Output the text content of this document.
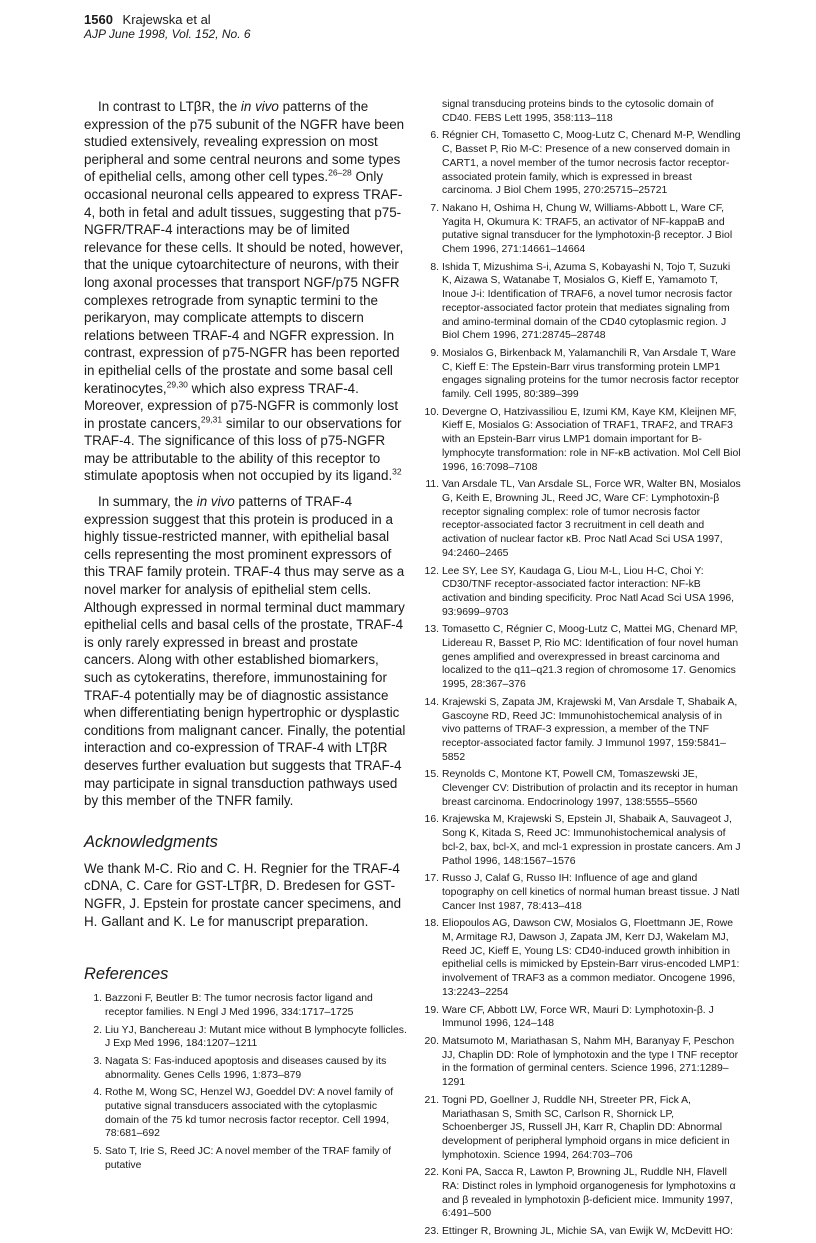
1560 Krajewska et al
AJP June 1998, Vol. 152, No. 6

In contrast to LTβR, the in vivo patterns of the expression of the p75 subunit of the NGFR have been studied extensively, revealing expression on most peripheral and some central neurons and some types of epithelial cells, among other cell types.$^{26-28}$ Only occasional neuronal cells appeared to express TRAF-4, both in fetal and adult tissues, suggesting that p75-NGFR/TRAF-4 interactions may be of limited relevance for these cells. It should be noted, however, that the unique cytoarchitecture of neurons, with their long axonal processes that transport NGF/p75 NGFR complexes retrograde from synaptic termini to the perikaryon, may complicate attempts to discern relations between TRAF-4 and NGFR expression. In contrast, expression of p75-NGFR has been reported in epithelial cells of the prostate and some basal cell keratinocytes,$^{29,30}$ which also express TRAF-4. Moreover, expression of p75-NGFR is commonly lost in prostate cancers,$^{29,31}$ similar to our observations for TRAF-4. The significance of this loss of p75-NGFR may be attributable to the ability of this receptor to stimulate apoptosis when not occupied by its ligand.$^{32}$

In summary, the in vivo patterns of TRAF-4 expression suggest that this protein is produced in a highly tissue-restricted manner, with epithelial basal cells representing the most prominent expressors of this TRAF family protein. TRAF-4 thus may serve as a novel marker for analysis of epithelial stem cells. Although expressed in normal terminal duct mammary epithelial cells and basal cells of the prostate, TRAF-4 is only rarely expressed in breast and prostate cancers. Along with other established biomarkers, such as cytokeratins, therefore, immunostaining for TRAF-4 potentially may be of diagnostic assistance when differentiating benign hypertrophic or dysplastic conditions from malignant cancer. Finally, the potential interaction and co-expression of TRAF-4 with LTβR deserves further evaluation but suggests that TRAF-4 may participate in signal transduction pathways used by this member of the TNFR family.

Acknowledgments

We thank M-C. Rio and C. H. Regnier for the TRAF-4 cDNA, C. Care for GST-LTβR, D. Bredesen for GST-NGFR, J. Epstein for prostate cancer specimens, and H. Gallant and K. Le for manuscript preparation.

References
1. Bazzoni F, Beutler B: The tumor necrosis factor ligand and receptor families. N Engl J Med 1996, 334:1717–1725
2. Liu YJ, Banchereau J: Mutant mice without B lymphocyte follicles. J Exp Med 1996, 184:1207–1211
3. Nagata S: Fas-induced apoptosis and diseases caused by its abnormality. Genes Cells 1996, 1:873–879
4. Rothe M, Wong SC, Henzel WJ, Goeddel DV: A novel family of putative signal transducers associated with the cytoplasmic domain of the 75 kd tumor necrosis factor receptor. Cell 1994, 78:681–692
5. Sato T, Irie S, Reed JC: A novel member of the TRAF family of putative
signal transducing proteins binds to the cytosolic domain of CD40. FEBS Lett 1995, 358:113–118
6. Régnier CH, Tomasetto C, Moog-Lutz C, Chenard M-P, Wendling C, Basset P, Rio M-C: Presence of a new conserved domain in CART1, a novel member of the tumor necrosis factor receptor-associated protein family, which is expressed in breast carcinoma. J Biol Chem 1995, 270:25715–25721
7. Nakano H, Oshima H, Chung W, Williams-Abbott L, Ware CF, Yagita H, Okumura K: TRAF5, an activator of NF-kappaB and putative signal transducer for the lymphotoxin-β receptor. J Biol Chem 1996, 271:14661–14664
8. Ishida T, Mizushima S-i, Azuma S, Kobayashi N, Tojo T, Suzuki K, Aizawa S, Watanabe T, Mosialos G, Kieff E, Yamamoto T, Inoue J-i: Identification of TRAF6, a novel tumor necrosis factor receptor-associated factor protein that mediates signaling from and amino-terminal domain of the CD40 cytoplasmic region. J Biol Chem 1996, 271:28745–28748
9. Mosialos G, Birkenback M, Yalamanchili R, Van Arsdale T, Ware C, Kieff E: The Epstein-Barr virus transforming protein LMP1 engages signaling proteins for the tumor necrosis factor receptor family. Cell 1995, 80:389–399
10. Devergne O, Hatzivassiliou E, Izumi KM, Kaye KM, Kleijnen MF, Kieff E, Mosialos G: Association of TRAF1, TRAF2, and TRAF3 with an Epstein-Barr virus LMP1 domain important for B-lymphocyte transformation: role in NF-κB activation. Mol Cell Biol 1996, 16:7098–7108
11. Van Arsdale TL, Van Arsdale SL, Force WR, Walter BN, Mosialos G, Keith E, Browning JL, Reed JC, Ware CF: Lymphotoxin-β receptor signaling complex: role of tumor necrosis factor receptor-associated factor 3 recruitment in cell death and activation of nuclear factor κB. Proc Natl Acad Sci USA 1997, 94:2460–2465
12. Lee SY, Lee SY, Kaudaga G, Liou M-L, Liou H-C, Choi Y: CD30/TNF receptor-associated factor interaction: NF-kB activation and binding specificity. Proc Natl Acad Sci USA 1996, 93:9699–9703
13. Tomasetto C, Régnier C, Moog-Lutz C, Mattei MG, Chenard MP, Lidereau R, Basset P, Rio MC: Identification of four novel human genes amplified and overexpressed in breast carcinoma and localized to the q11–q21.3 region of chromosome 17. Genomics 1995, 28:367–376
14. Krajewski S, Zapata JM, Krajewski M, Van Arsdale T, Shabaik A, Gascoyne RD, Reed JC: Immunohistochemical analysis of in vivo patterns of TRAF-3 expression, a member of the TNF receptor-associated factor family. J Immunol 1997, 159:5841–5852
15. Reynolds C, Montone KT, Powell CM, Tomaszewski JE, Clevenger CV: Distribution of prolactin and its receptor in human breast carcinoma. Endocrinology 1997, 138:5555–5560
16. Krajewska M, Krajewski S, Epstein JI, Shabaik A, Sauvageot J, Song K, Kitada S, Reed JC: Immunohistochemical analysis of bcl-2, bax, bcl-X, and mcl-1 expression in prostate cancers. Am J Pathol 1996, 148:1567–1576
17. Russo J, Calaf G, Russo IH: Influence of age and gland topography on cell kinetics of normal human breast tissue. J Natl Cancer Inst 1987, 78:413–418
18. Eliopoulos AG, Dawson CW, Mosialos G, Floettmann JE, Rowe M, Armitage RJ, Dawson J, Zapata JM, Kerr DJ, Wakelam MJ, Reed JC, Kieff E, Young LS: CD40-induced growth inhibition in epithelial cells is mimicked by Epstein-Barr virus-encoded LMP1: involvement of TRAF3 as a common mediator. Oncogene 1996, 13:2243–2254
19. Ware CF, Abbott LW, Force WR, Mauri D: Lymphotoxin-β. J Immunol 1996, 124–148
20. Matsumoto M, Mariathasan S, Nahm MH, Baranyay F, Peschon JJ, Chaplin DD: Role of lymphotoxin and the type I TNF receptor in the formation of germinal centers. Science 1996, 271:1289–1291
21. Togni PD, Goellner J, Ruddle NH, Streeter PR, Fick A, Mariathasan S, Smith SC, Carlson R, Shornick LP, Schoenberger JS, Russell JH, Karr R, Chaplin DD: Abnormal development of peripheral lymphoid organs in mice deficient in lymphotoxin. Science 1994, 264:703–706
22. Koni PA, Sacca R, Lawton P, Browning JL, Ruddle NH, Flavell RA: Distinct roles in lymphoid organogenesis for lymphotoxins α and β revealed in lymphotoxin β-deficient mice. Immunity 1997, 6:491–500
23. Ettinger R, Browning JL, Michie SA, van Ewijk W, McDevitt HO:
